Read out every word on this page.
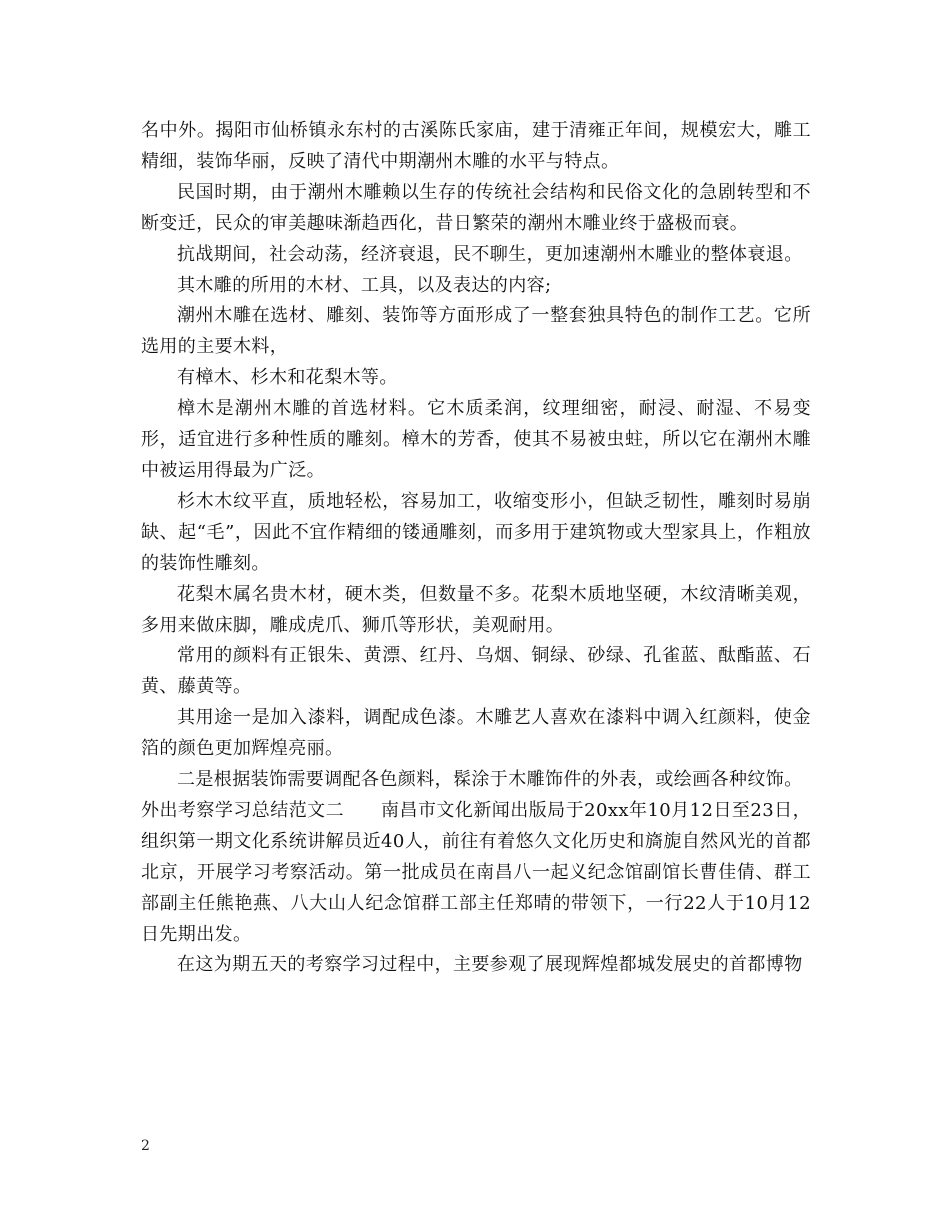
名中外。揭阳市仙桥镇永东村的古溪陈氏家庙，建于清雍正年间，规模宏大，雕工精细，装饰华丽，反映了清代中期潮州木雕的水平与特点。

民国时期，由于潮州木雕赖以生存的传统社会结构和民俗文化的急剧转型和不断变迁，民众的审美趣味渐趋西化，昔日繁荣的潮州木雕业终于盛极而衰。

抗战期间，社会动荡，经济衰退，民不聊生，更加速潮州木雕业的整体衰退。

其木雕的所用的木材、工具，以及表达的内容;

潮州木雕在选材、雕刻、装饰等方面形成了一整套独具特色的制作工艺。它所选用的主要木料，

有樟木、杉木和花梨木等。

樟木是潮州木雕的首选材料。它木质柔润，纹理细密，耐浸、耐湿、不易变形，适宜进行多种性质的雕刻。樟木的芳香，使其不易被虫蛀，所以它在潮州木雕中被运用得最为广泛。

杉木木纹平直，质地轻松，容易加工，收缩变形小，但缺乏韧性，雕刻时易崩缺、起“毛”，因此不宜作精细的镂通雕刻，而多用于建筑物或大型家具上，作粗放的装饰性雕刻。

花梨木属名贵木材，硬木类，但数量不多。花梨木质地坚硬，木纹清晰美观，多用来做床脚，雕成虎爪、狮爪等形状，美观耐用。

常用的颜料有正银朱、黄漂、红丹、乌烟、铜绿、砂绿、孔雀蓝、酞酯蓝、石黄、藤黄等。

其用途一是加入漆料，调配成色漆。木雕艺人喜欢在漆料中调入红颜料，使金箔的颜色更加辉煌亮丽。

二是根据装饰需要调配各色颜料，髹涂于木雕饰件的外表，或绘画各种纹饰。

外出考察学习总结范文二　　南昌市文化新闻出版局于20xx年10月12日至23日，组织第一期文化系统讲解员近40人，前往有着悠久文化历史和旖旎自然风光的首都北京，开展学习考察活动。第一批成员在南昌八一起义纪念馆副馆长曹佳倩、群工部副主任熊艳燕、八大山人纪念馆群工部主任郑晴的带领下，一行22人于10月12日先期出发。

在这为期五天的考察学习过程中，主要参观了展现辉煌都城发展史的首都博物

2
